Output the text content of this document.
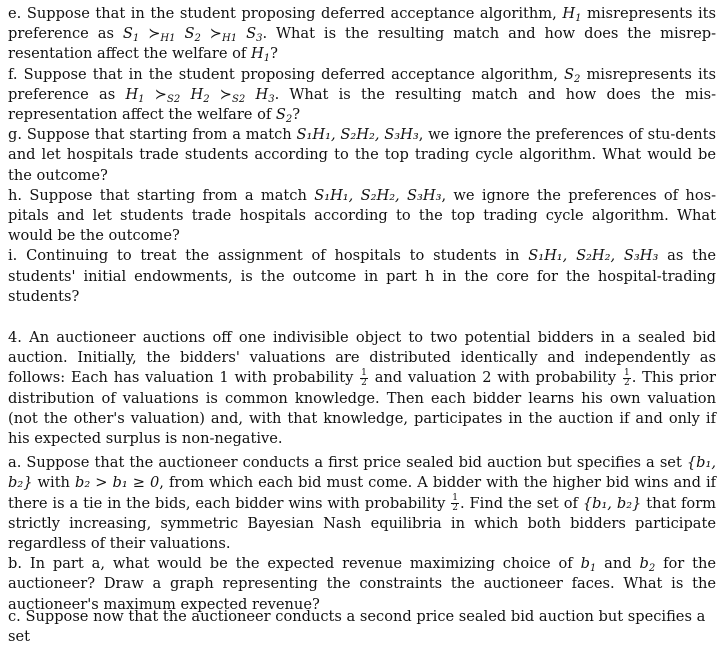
e. Suppose that in the student proposing deferred acceptance algorithm, $H_1$ misrepresents its preference as $S_1$ $≻_{H1}$ $S_2$ $≻_{H1}$ $S_3$. What is the resulting match and how does the misrep-resentation affect the welfare of $H_1$?

f. Suppose that in the student proposing deferred acceptance algorithm, $S_2$ misrepresents its preference as $H_1$ $≻_{S2}$ $H_2$ $≻_{S2}$ $H_3$. What is the resulting match and how does the mis-representation affect the welfare of $S_2$?

g. Suppose that starting from a match S₁H₁, S₂H₂, S₃H₃, we ignore the preferences of stu-dents and let hospitals trade students according to the top trading cycle algorithm. What would be the outcome?

h. Suppose that starting from a match S₁H₁, S₂H₂, S₃H₃, we ignore the preferences of hos-pitals and let students trade hospitals according to the top trading cycle algorithm. What would be the outcome?

i. Continuing to treat the assignment of hospitals to students in S₁H₁, S₂H₂, S₃H₃ as the students' initial endowments, is the outcome in part h in the core for the hospital-trading students?

4. An auctioneer auctions off one indivisible object to two potential bidders in a sealed bid auction. Initially, the bidders' valuations are distributed identically and independently as follows: Each has valuation 1 with probability $\frac{1}{2}$ and valuation 2 with probability $\frac{1}{2}$ . This prior distribution of valuations is common knowledge. Then each bidder learns his own valuation (not the other's valuation) and, with that knowledge, participates in the auction if and only if his expected surplus is non-negative.

a. Suppose that the auctioneer conducts a first price sealed bid auction but specifies a set {b₁, b₂} with b₂ > b₁ ≥ 0, from which each bid must come. A bidder with the higher bid wins and if there is a tie in the bids, each bidder wins with probability $\frac{1}{2}$ . Find the set of {b₁, b₂} that form strictly increasing, symmetric Bayesian Nash equilibria in which both bidders participate regardless of their valuations.

b. In part a, what would be the expected revenue maximizing choice of $b_1$ and $b_2$ for the auctioneer? Draw a graph representing the constraints the auctioneer faces. What is the auctioneer's maximum expected revenue?

c. Suppose now that the auctioneer conducts a second price sealed bid auction but specifies a set
